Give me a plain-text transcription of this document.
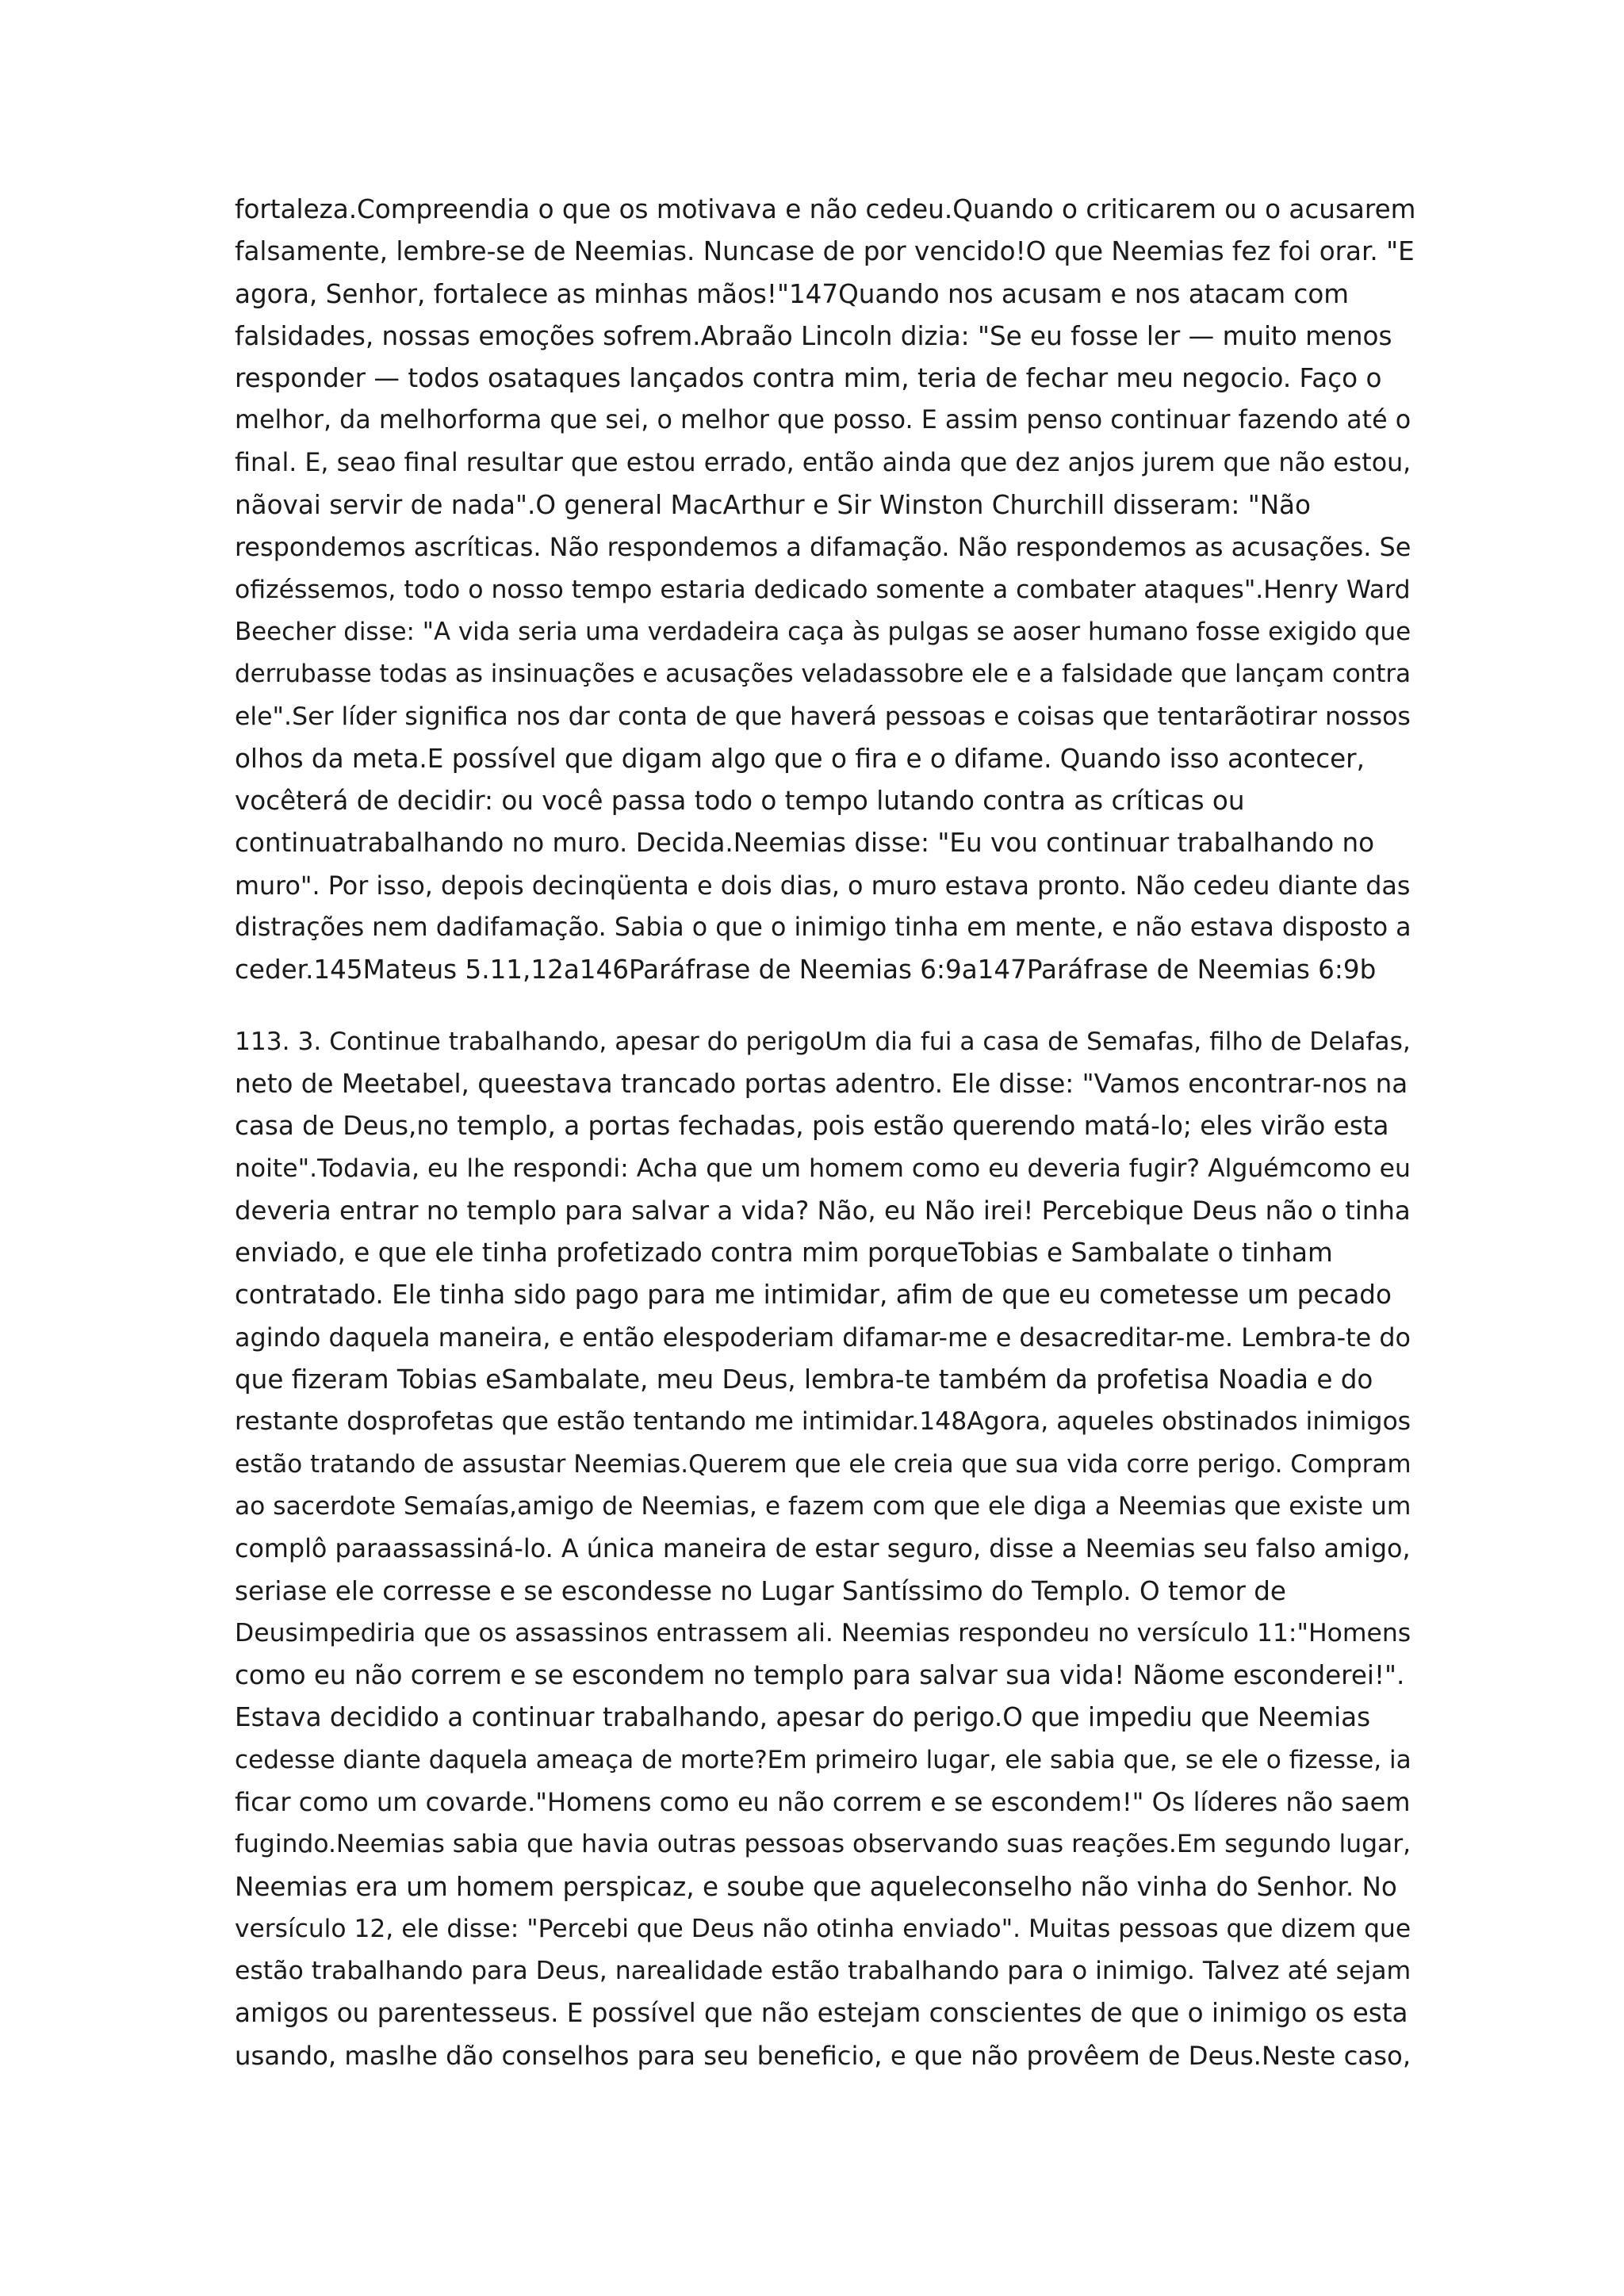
fortaleza.Compreendia o que os motivava e não cedeu.Quando o criticarem ou o acusarem
falsamente, lembre-se de Neemias. Nuncase de por vencido!O que Neemias fez foi orar. "E
agora, Senhor, fortalece as minhas mãos!"147Quando nos acusam e nos atacam com
falsidades, nossas emoções sofrem.Abraão Lincoln dizia: "Se eu fosse ler — muito menos
responder — todos osataques lançados contra mim, teria de fechar meu negocio. Faço o
melhor, da melhorforma que sei, o melhor que posso. E assim penso continuar fazendo até o
final. E, seao final resultar que estou errado, então ainda que dez anjos jurem que não estou,
nãovai servir de nada".O general MacArthur e Sir Winston Churchill disseram: "Não
respondemos ascríticas. Não respondemos a difamação. Não respondemos as acusações. Se
ofizéssemos, todo o nosso tempo estaria dedicado somente a combater ataques".Henry Ward
Beecher disse: "A vida seria uma verdadeira caça às pulgas se aoser humano fosse exigido que
derrubasse todas as insinuações e acusações veladassobre ele e a falsidade que lançam contra
ele".Ser líder significa nos dar conta de que haverá pessoas e coisas que tentarãotirar nossos
olhos da meta.E possível que digam algo que o fira e o difame. Quando isso acontecer,
vocêterá de decidir: ou você passa todo o tempo lutando contra as críticas ou
continuatrabalhando no muro. Decida.Neemias disse: "Eu vou continuar trabalhando no
muro". Por isso, depois decinqüenta e dois dias, o muro estava pronto. Não cedeu diante das
distrações nem dadifamação. Sabia o que o inimigo tinha em mente, e não estava disposto a
ceder.145Mateus 5.11,12a146Paráfrase de Neemias 6:9a147Paráfrase de Neemias 6:9b
113. 3. Continue trabalhando, apesar do perigoUm dia fui a casa de Semafas, filho de Delafas,
neto de Meetabel, queestava trancado portas adentro. Ele disse: "Vamos encontrar-nos na
casa de Deus,no templo, a portas fechadas, pois estão querendo matá-lo; eles virão esta
noite".Todavia, eu lhe respondi: Acha que um homem como eu deveria fugir? Alguémcomo eu
deveria entrar no templo para salvar a vida? Não, eu Não irei! Percebique Deus não o tinha
enviado, e que ele tinha profetizado contra mim porqueTobias e Sambalate o tinham
contratado. Ele tinha sido pago para me intimidar, afim de que eu cometesse um pecado
agindo daquela maneira, e então elespoderiam difamar-me e desacreditar-me. Lembra-te do
que fizeram Tobias eSambalate, meu Deus, lembra-te também da profetisa Noadia e do
restante dosprofetas que estão tentando me intimidar.148Agora, aqueles obstinados inimigos
estão tratando de assustar Neemias.Querem que ele creia que sua vida corre perigo. Compram
ao sacerdote Semaías,amigo de Neemias, e fazem com que ele diga a Neemias que existe um
complô paraassassiná-lo. A única maneira de estar seguro, disse a Neemias seu falso amigo,
seriase ele corresse e se escondesse no Lugar Santíssimo do Templo. O temor de
Deusimpediria que os assassinos entrassem ali. Neemias respondeu no versículo 11:"Homens
como eu não correm e se escondem no templo para salvar sua vida! Nãome esconderei!".
Estava decidido a continuar trabalhando, apesar do perigo.O que impediu que Neemias
cedesse diante daquela ameaça de morte?Em primeiro lugar, ele sabia que, se ele o fizesse, ia
ficar como um covarde."Homens como eu não correm e se escondem!" Os líderes não saem
fugindo.Neemias sabia que havia outras pessoas observando suas reações.Em segundo lugar,
Neemias era um homem perspicaz, e soube que aqueleconselho não vinha do Senhor. No
versículo 12, ele disse: "Percebi que Deus não otinha enviado". Muitas pessoas que dizem que
estão trabalhando para Deus, narealidade estão trabalhando para o inimigo. Talvez até sejam
amigos ou parentesseus. E possível que não estejam conscientes de que o inimigo os esta
usando, maslhe dão conselhos para seu beneficio, e que não provêem de Deus.Neste caso,
